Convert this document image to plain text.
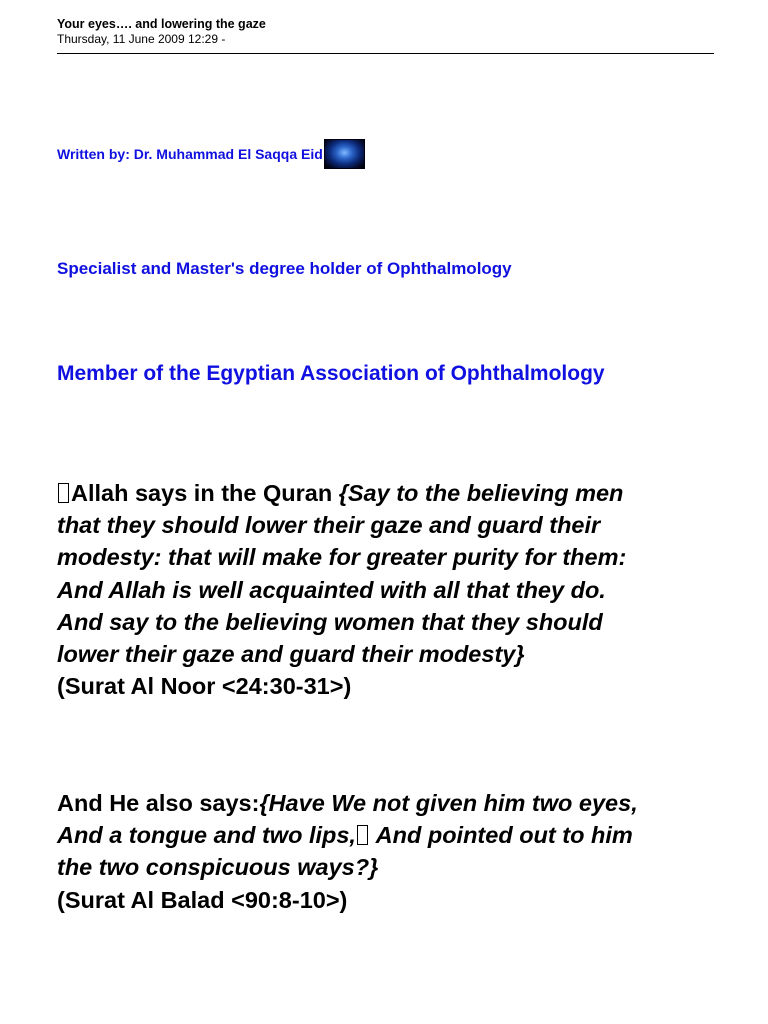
Your eyes…. and lowering the gaze
Thursday, 11 June 2009 12:29 -
Written by: Dr. Muhammad El Saqqa Eid
Specialist and Master's degree holder of Ophthalmology
Member of the Egyptian Association of Ophthalmology
Allah says in the Quran {Say to the believing men
that they should lower their gaze and guard their
modesty: that will make for greater purity for them:
And Allah is well acquainted with all that they do.
And say to the believing women that they should
lower their gaze and guard their modesty}
(Surat Al Noor <24:30-31>)
And He also says:{Have We not given him two eyes,
And a tongue and two lips, And pointed out to him
the two conspicuous ways?}
(Surat Al Balad <90:8-10>)
